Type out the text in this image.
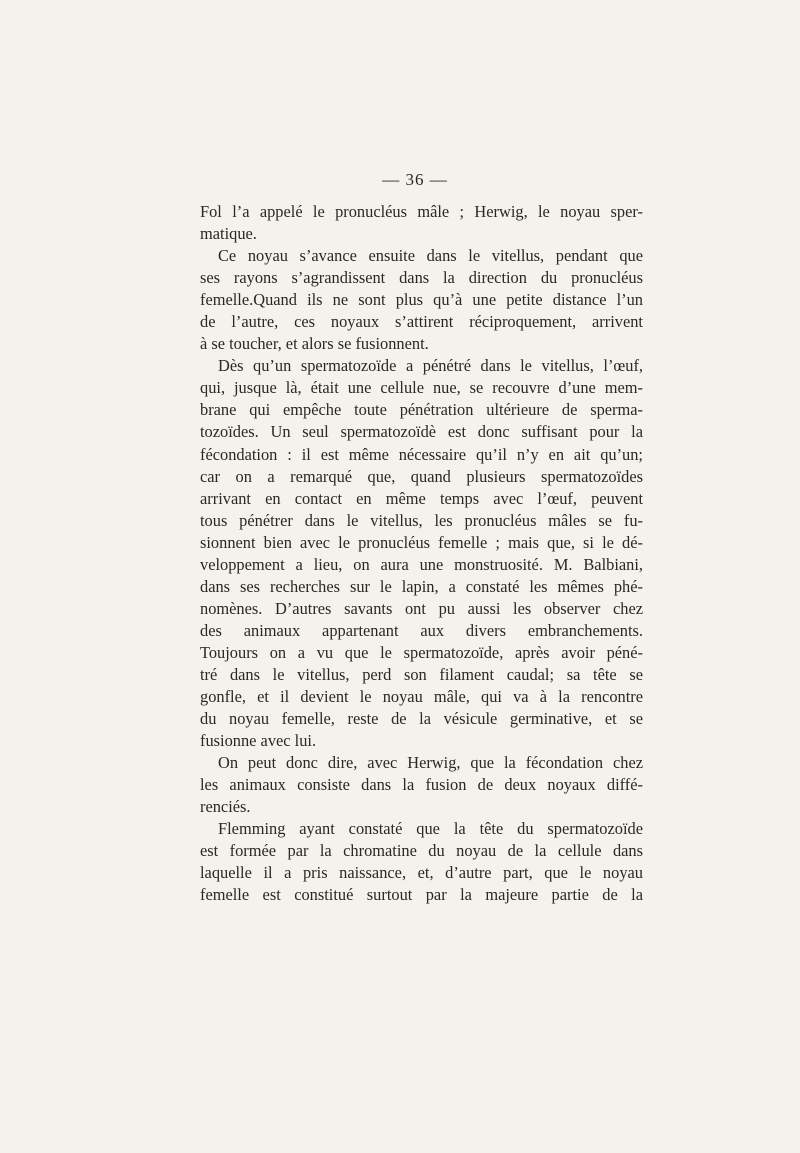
— 36 —
Fol l’a appelé le pronucléus mâle ; Herwig, le noyau sper-
matique.
Ce noyau s’avance ensuite dans le vitellus, pendant que
ses rayons s’agrandissent dans la direction du pronucléus
femelle.Quand ils ne sont plus qu’à une petite distance l’un
de l’autre, ces noyaux s’attirent réciproquement, arrivent
à se toucher, et alors se fusionnent.
Dès qu’un spermatozoïde a pénétré dans le vitellus, l’œuf,
qui, jusque là, était une cellule nue, se recouvre d’une mem-
brane qui empêche toute pénétration ultérieure de sperma-
tozoïdes. Un seul spermatozoïdè est donc suffisant pour la
fécondation : il est même nécessaire qu’il n’y en ait qu’un;
car on a remarqué que, quand plusieurs spermatozoïdes
arrivant en contact en même temps avec l’œuf, peuvent
tous pénétrer dans le vitellus, les pronucléus mâles se fu-
sionnent bien avec le pronucléus femelle ; mais que, si le dé-
veloppement a lieu, on aura une monstruosité. M. Balbiani,
dans ses recherches sur le lapin, a constaté les mêmes phé-
nomènes. D’autres savants ont pu aussi les observer chez
des animaux appartenant aux divers embranchements.
Toujours on a vu que le spermatozoïde, après avoir péné-
tré dans le vitellus, perd son filament caudal; sa tête se
gonfle, et il devient le noyau mâle, qui va à la rencontre
du noyau femelle, reste de la vésicule germinative, et se
fusionne avec lui.
On peut donc dire, avec Herwig, que la fécondation chez
les animaux consiste dans la fusion de deux noyaux diffé-
renciés.
Flemming ayant constaté que la tête du spermatozoïde
est formée par la chromatine du noyau de la cellule dans
laquelle il a pris naissance, et, d’autre part, que le noyau
femelle est constitué surtout par la majeure partie de la
